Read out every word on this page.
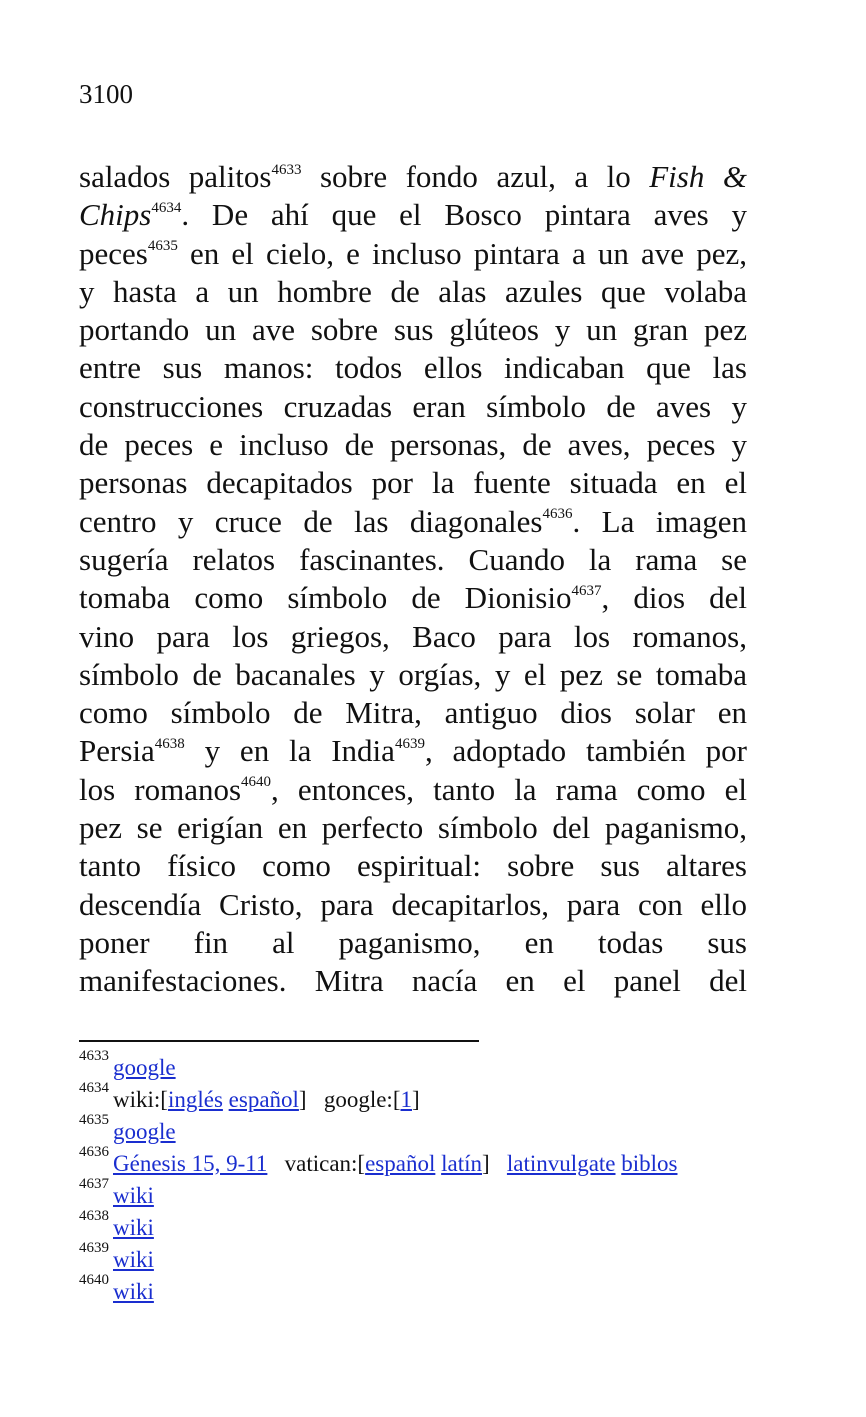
3100
salados palitos$^{4633}$ sobre fondo azul, a lo Fish &
Chips$^{4634}$. De ahí que el Bosco pintara aves y
peces$^{4635}$ en el cielo, e incluso pintara a un ave pez,
y hasta a un hombre de alas azules que volaba
portando un ave sobre sus glúteos y un gran pez
entre sus manos: todos ellos indicaban que las
construcciones cruzadas eran símbolo de aves y
de peces e incluso de personas, de aves, peces y
personas decapitados por la fuente situada en el
centro y cruce de las diagonales$^{4636}$. La imagen
sugería relatos fascinantes. Cuando la rama se
tomaba como símbolo de Dionisio$^{4637}$, dios del
vino para los griegos, Baco para los romanos,
símbolo de bacanales y orgías, y el pez se tomaba
como símbolo de Mitra, antiguo dios solar en
Persia$^{4638}$ y en la India$^{4639}$, adoptado también por
los romanos$^{4640}$, entonces, tanto la rama como el
pez se erigían en perfecto símbolo del paganismo,
tanto físico como espiritual: sobre sus altares
descendía Cristo, para decapitarlos, para con ello
poner fin al paganismo, en todas sus
manifestaciones. Mitra nacía en el panel del
$^{4633}$ google
$^{4634}$ wiki:[inglés español]   google:[1]
$^{4635}$ google
$^{4636}$ Génesis 15, 9-11   vatican:[español latín]   latinvulgate biblos
$^{4637}$ wiki
$^{4638}$ wiki
$^{4639}$ wiki
$^{4640}$ wiki
